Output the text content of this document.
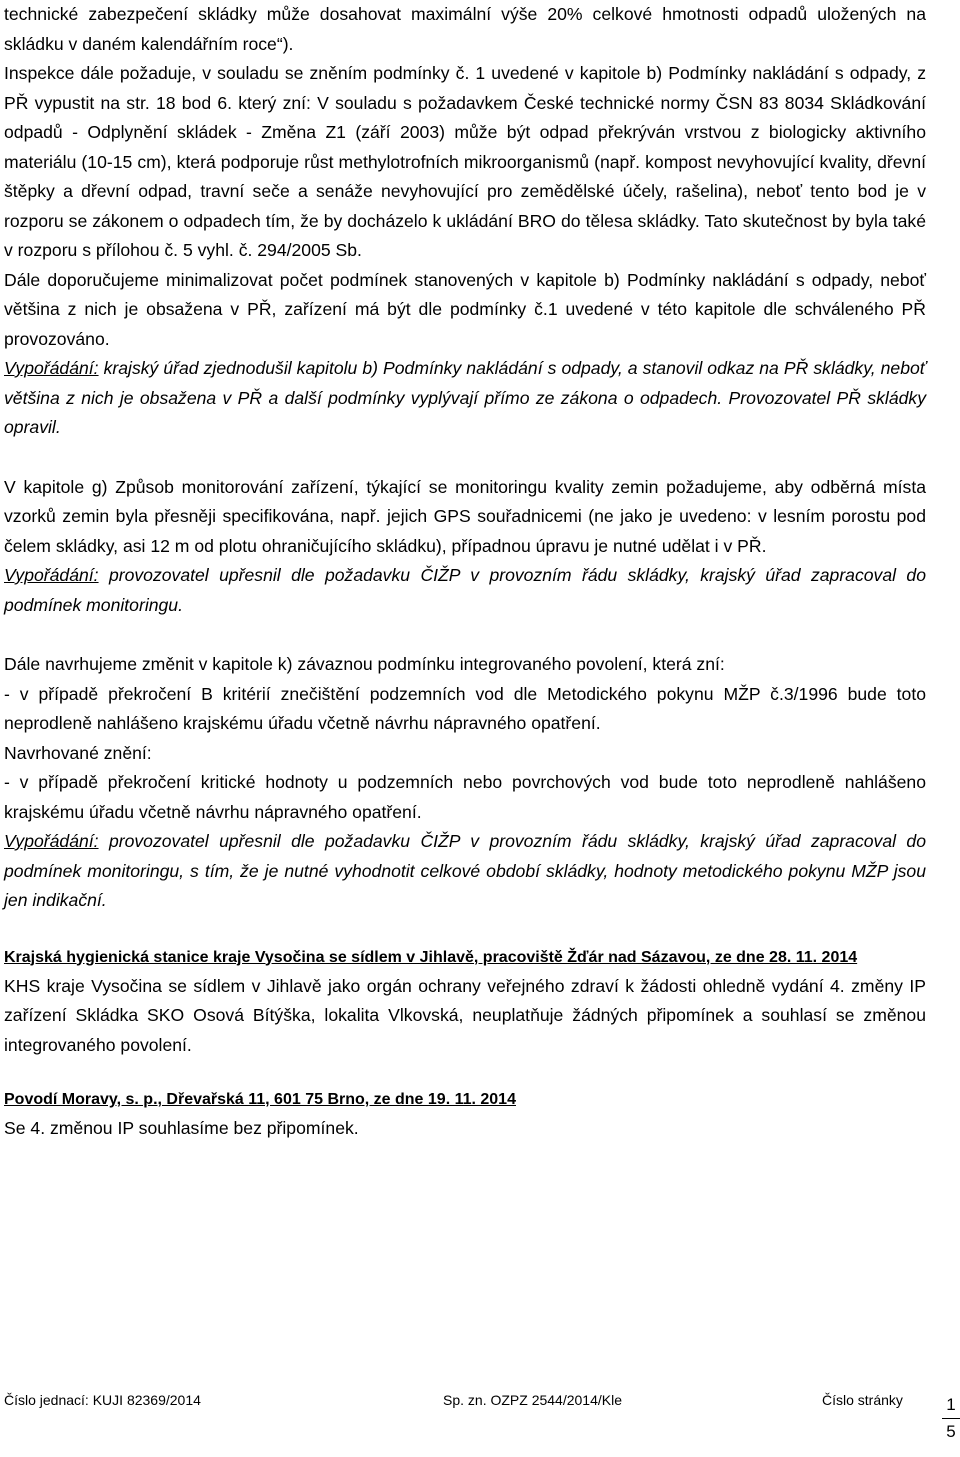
technické zabezpečení skládky může dosahovat maximální výše 20% celkové hmotnosti odpadů uložených na skládku v daném kalendářním roce“).

Inspekce dále požaduje, v souladu se zněním podmínky č. 1 uvedené v kapitole b) Podmínky nakládání s odpady, z PŘ vypustit na str. 18 bod 6. který zní: V souladu s požadavkem České technické normy ČSN 83 8034 Skládkování odpadů - Odplynění skládek - Změna Z1 (září 2003) může být odpad překrýván vrstvou z biologicky aktivního materiálu (10-15 cm), která podporuje růst methylotrofních mikroorganismů (např. kompost nevyhovující kvality, dřevní štěpky a dřevní odpad, travní seče a senáže nevyhovující pro zemědělské účely, rašelina), neboť tento bod je v rozporu se zákonem o odpadech tím, že by docházelo k ukládání BRO do tělesa skládky. Tato skutečnost by byla také v rozporu s přílohou č. 5 vyhl. č. 294/2005 Sb.

Dále doporučujeme minimalizovat počet podmínek stanovených v kapitole b) Podmínky nakládání s odpady, neboť většina z nich je obsažena v PŘ, zařízení má být dle podmínky č.1 uvedené v této kapitole dle schváleného PŘ provozováno.

Vypořádání: krajský úřad zjednodušil kapitolu b) Podmínky nakládání s odpady, a stanovil odkaz na PŘ skládky, neboť většina z nich je obsažena v PŘ a další podmínky vyplývají přímo ze zákona o odpadech. Provozovatel PŘ skládky opravil.

V kapitole g) Způsob monitorování zařízení, týkající se monitoringu kvality zemin požadujeme, aby odběrná místa vzorků zemin byla přesněji specifikována, např. jejich GPS souřadnicemi (ne jako je uvedeno: v lesním porostu pod čelem skládky, asi 12 m od plotu ohraničujícího skládku), případnou úpravu je nutné udělat i v PŘ.

Vypořádání: provozovatel upřesnil dle požadavku ČIŽP v provozním řádu skládky, krajský úřad zapracoval do podmínek monitoringu.

Dále navrhujeme změnit v kapitole k) závaznou podmínku integrovaného povolení, která zní:

- v případě překročení B kritérií znečištění podzemních vod dle Metodického pokynu MŽP č.3/1996 bude toto neprodleně nahlášeno krajskému úřadu včetně návrhu nápravného opatření.

Navrhované znění:

- v případě překročení kritické hodnoty u podzemních nebo povrchových vod bude toto neprodleně nahlášeno krajskému úřadu včetně návrhu nápravného opatření.

Vypořádání: provozovatel upřesnil dle požadavku ČIŽP v provozním řádu skládky, krajský úřad zapracoval do podmínek monitoringu, s tím, že je nutné vyhodnotit celkové období skládky, hodnoty metodického pokynu MŽP jsou jen indikační.

Krajská hygienická stanice kraje Vysočina se sídlem v Jihlavě, pracoviště Žďár nad Sázavou, ze dne 28. 11. 2014

KHS kraje Vysočina se sídlem v Jihlavě jako orgán ochrany veřejného zdraví k žádosti ohledně vydání 4. změny IP zařízení Skládka SKO Osová Bítýška, lokalita Vlkovská, neuplatňuje žádných připomínek a souhlasí se změnou integrovaného povolení.

Povodí Moravy, s. p., Dřevařská 11, 601 75 Brno, ze dne 19. 11. 2014

Se 4. změnou IP souhlasíme bez připomínek.

Číslo jednací: KUJI 82369/2014	Sp. zn. OZPZ 2544/2014/Kle	Číslo stránky	1
5
